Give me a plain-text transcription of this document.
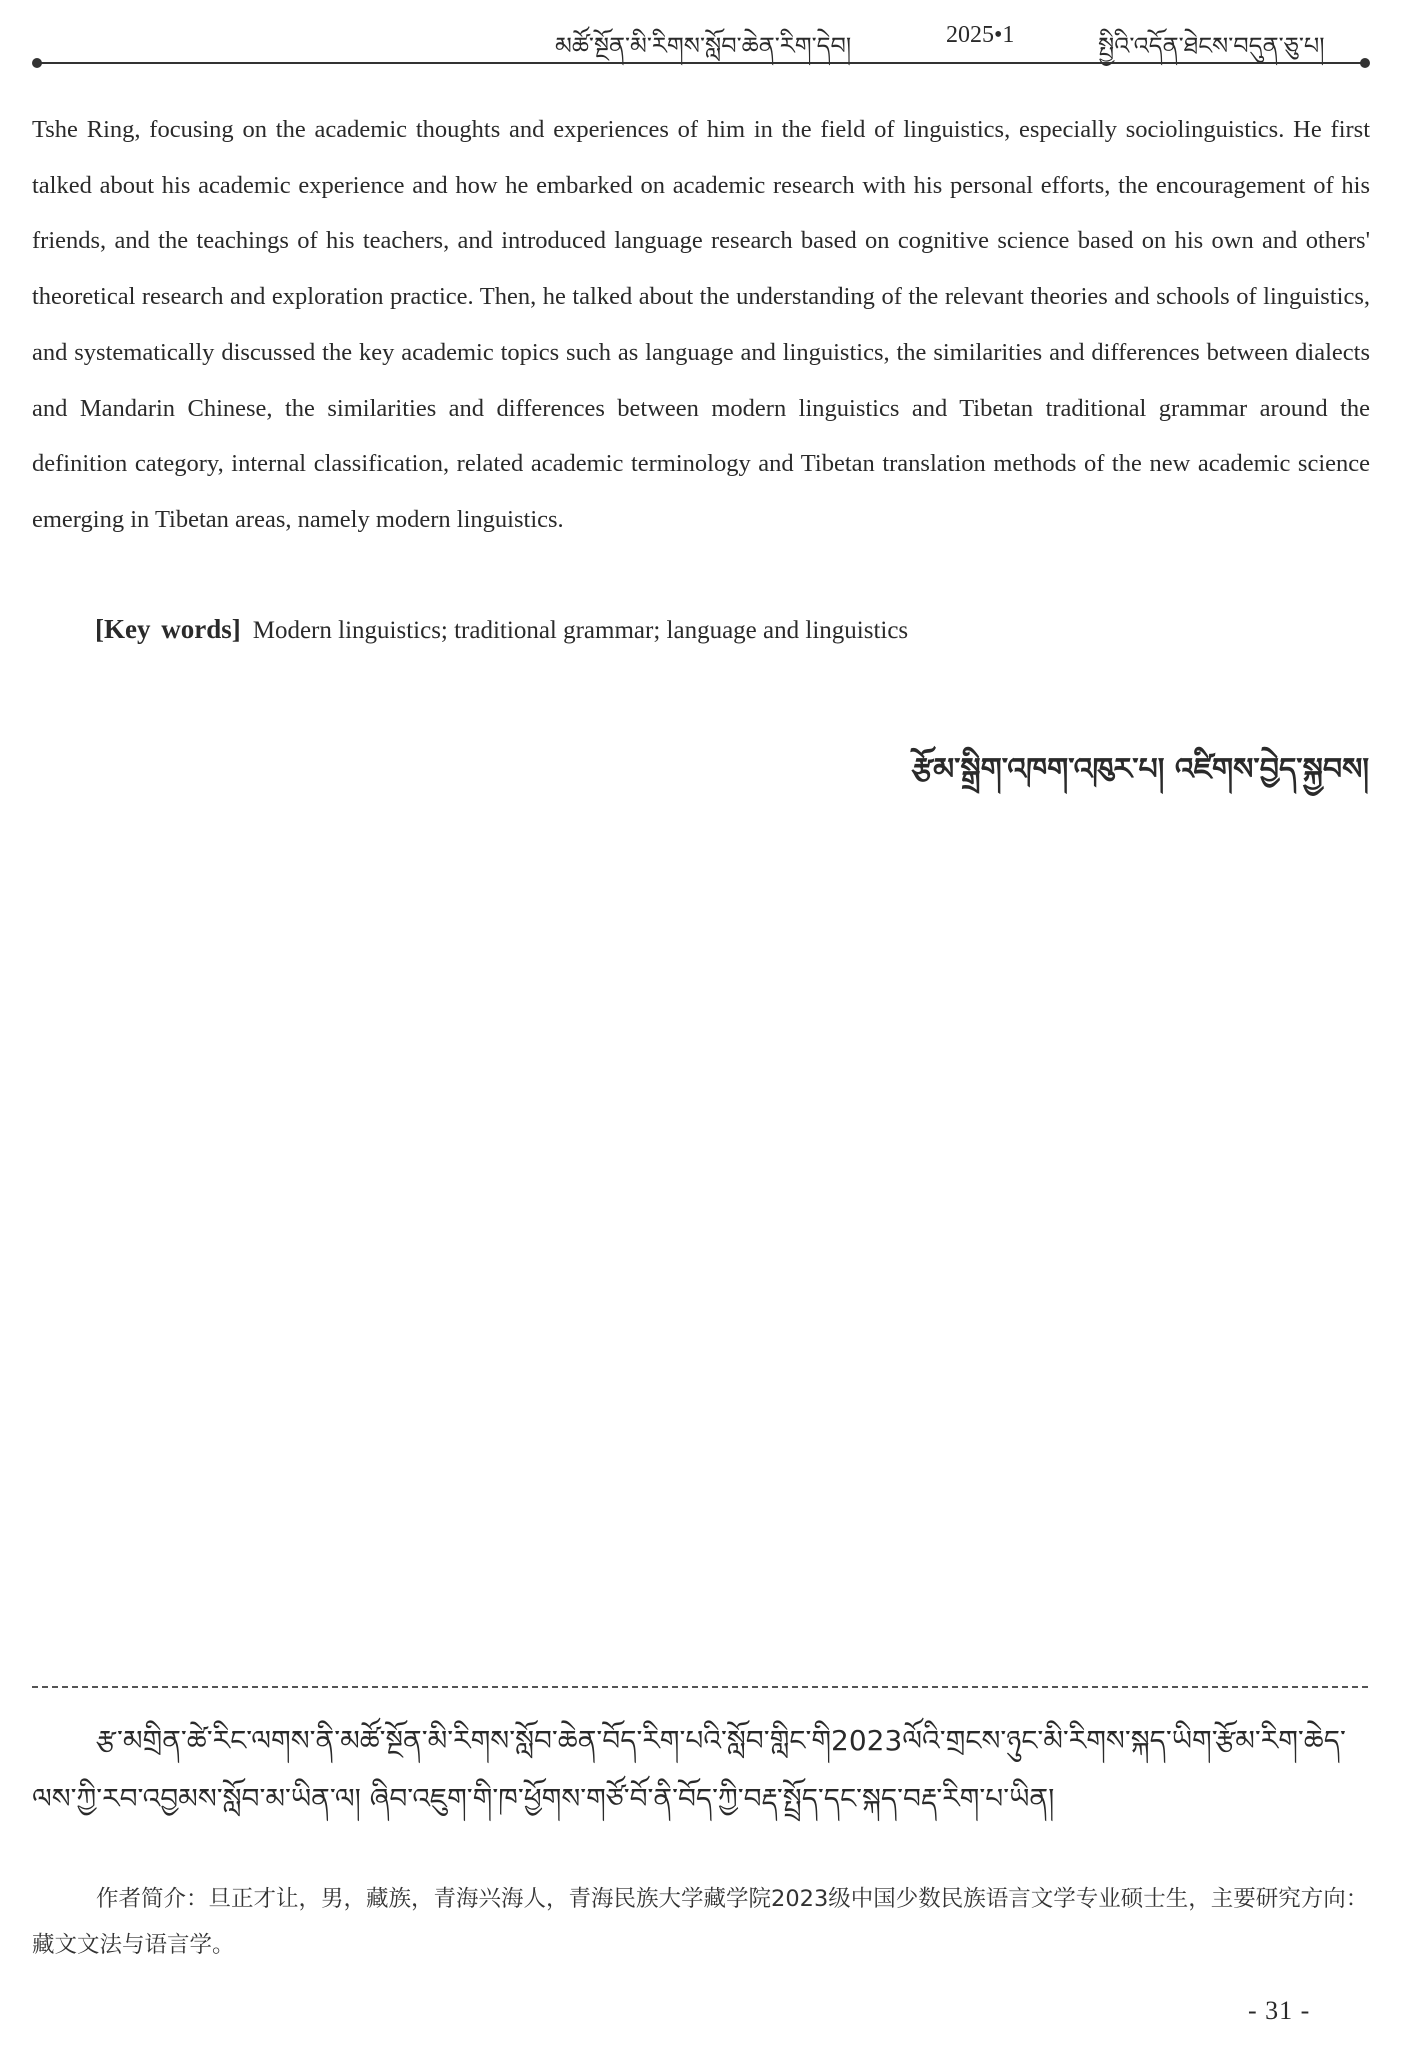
མཚོ་སྔོན་མི་རིགས་སློབ་ཆེན་རིག་དེབ།	2025•1	སྤྱིའི་འདོན་ཐེངས་བདུན་ཅུ་པ།

Tshe Ring, focusing on the academic thoughts and experiences of him in the field of linguistics, especially sociolinguistics. He first talked about his academic experience and how he embarked on academic research with his personal efforts, the encouragement of his friends, and the teachings of his teachers, and introduced language research based on cognitive science based on his own and others' theoretical research and exploration practice. Then, he talked about the understanding of the relevant theories and schools of linguistics, and systematically discussed the key academic topics such as language and linguistics, the similarities and differences between dialects and Mandarin Chinese, the similarities and differences between modern linguistics and Tibetan traditional grammar around the definition category, internal classification, related academic terminology and Tibetan translation methods of the new academic science emerging in Tibetan areas, namely modern linguistics.

[Key words] Modern linguistics; traditional grammar; language and linguistics
རྩོམ་སྒྲིག་འཁག་འཁུར་པ། འཛིགས་བྱེད་སྐྱབས།

རྩ་མགྲིན་ཚེ་རིང་ལགས་ནི་མཚོ་སྔོན་མི་རིགས་སློབ་ཆེན་བོད་རིག་པའི་སློབ་གླིང་གི2023ལོའི་གྲངས་ཉུང་མི་རིགས་སྐད་ཡིག་རྩོམ་རིག་ཆེད་ལས་ཀྱི་རབ་འབྱམས་སློབ་མ་ཡིན་ལ། ཞིབ་འཇུག་གི་ཁ་ཕྱོགས་གཙོ་བོ་ནི་བོད་ཀྱི་བརྡ་སྤྲོད་དང་སྐད་བརྡ་རིག་པ་ཡིན།

作者简介：旦正才让，男，藏族，青海兴海人，青海民族大学藏学院2023级中国少数民族语言文学专业硕士生，主要研究方向：藏文文法与语言学。

- 31 -
